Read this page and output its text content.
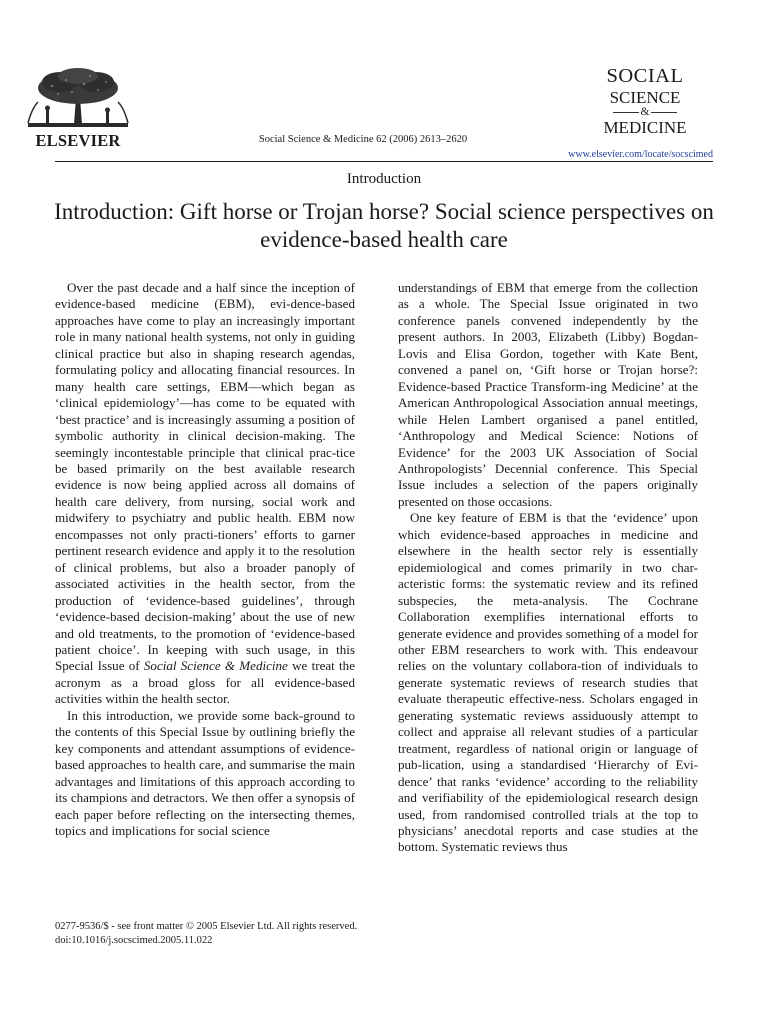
ELSEVIER	Social Science & Medicine 62 (2006) 2613–2620
SOCIAL
SCIENCE
&
MEDICINE
www.elsevier.com/locate/socscimed
Introduction
Introduction: Gift horse or Trojan horse? Social science perspectives on evidence-based health care

Over the past decade and a half since the inception of evidence-based medicine (EBM), evi-dence-based approaches have come to play an increasingly important role in many national health systems, not only in guiding clinical practice but also in shaping research agendas, formulating policy and allocating financial resources. In many health care settings, EBM—which began as ‘clinical epidemiology’—has come to be equated with ‘best practice’ and is increasingly assuming a position of symbolic authority in clinical decision-making. The seemingly incontestable principle that clinical prac-tice be based primarily on the best available research evidence is now being applied across all domains of health care delivery, from nursing, social work and midwifery to psychiatry and public health. EBM now encompasses not only practi-tioners’ efforts to garner pertinent research evidence and apply it to the resolution of clinical problems, but also a broader panoply of associated activities in the health sector, from the production of ‘evidence-based guidelines’, through ‘evidence-based decision-making’ about the use of new and old treatments, to the promotion of ‘evidence-based patient choice’. In keeping with such usage, in this Special Issue of Social Science & Medicine we treat the acronym as a broad gloss for all evidence-based activities within the health sector.

In this introduction, we provide some back-ground to the contents of this Special Issue by outlining briefly the key components and attendant assumptions of evidence-based approaches to health care, and summarise the main advantages and limitations of this approach according to its champions and detractors. We then offer a synopsis of each paper before reflecting on the intersecting themes, topics and implications for social science

understandings of EBM that emerge from the collection as a whole. The Special Issue originated in two conference panels convened independently by the present authors. In 2003, Elizabeth (Libby) Bogdan-Lovis and Elisa Gordon, together with Kate Bent, convened a panel on, ‘Gift horse or Trojan horse?: Evidence-based Practice Transform-ing Medicine’ at the American Anthropological Association annual meetings, while Helen Lambert organised a panel entitled, ‘Anthropology and Medical Science: Notions of Evidence’ for the 2003 UK Association of Social Anthropologists’ Decennial conference. This Special Issue includes a selection of the papers originally presented on those occasions.

One key feature of EBM is that the ‘evidence’ upon which evidence-based approaches in medicine and elsewhere in the health sector rely is essentially epidemiological and comes primarily in two char-acteristic forms: the systematic review and its refined subspecies, the meta-analysis. The Cochrane Collaboration exemplifies international efforts to generate evidence and provides something of a model for other EBM researchers to work with. This endeavour relies on the voluntary collabora-tion of individuals to generate systematic reviews of research studies that evaluate therapeutic effective-ness. Scholars engaged in generating systematic reviews assiduously attempt to collect and appraise all relevant studies of a particular treatment, regardless of national origin or language of pub-lication, using a standardised ‘Hierarchy of Evi-dence’ that ranks ‘evidence’ according to the reliability and verifiability of the epidemiological research design used, from randomised controlled trials at the top to physicians’ anecdotal reports and case studies at the bottom. Systematic reviews thus

0277-9536/$ - see front matter © 2005 Elsevier Ltd. All rights reserved.
doi:10.1016/j.socscimed.2005.11.022
